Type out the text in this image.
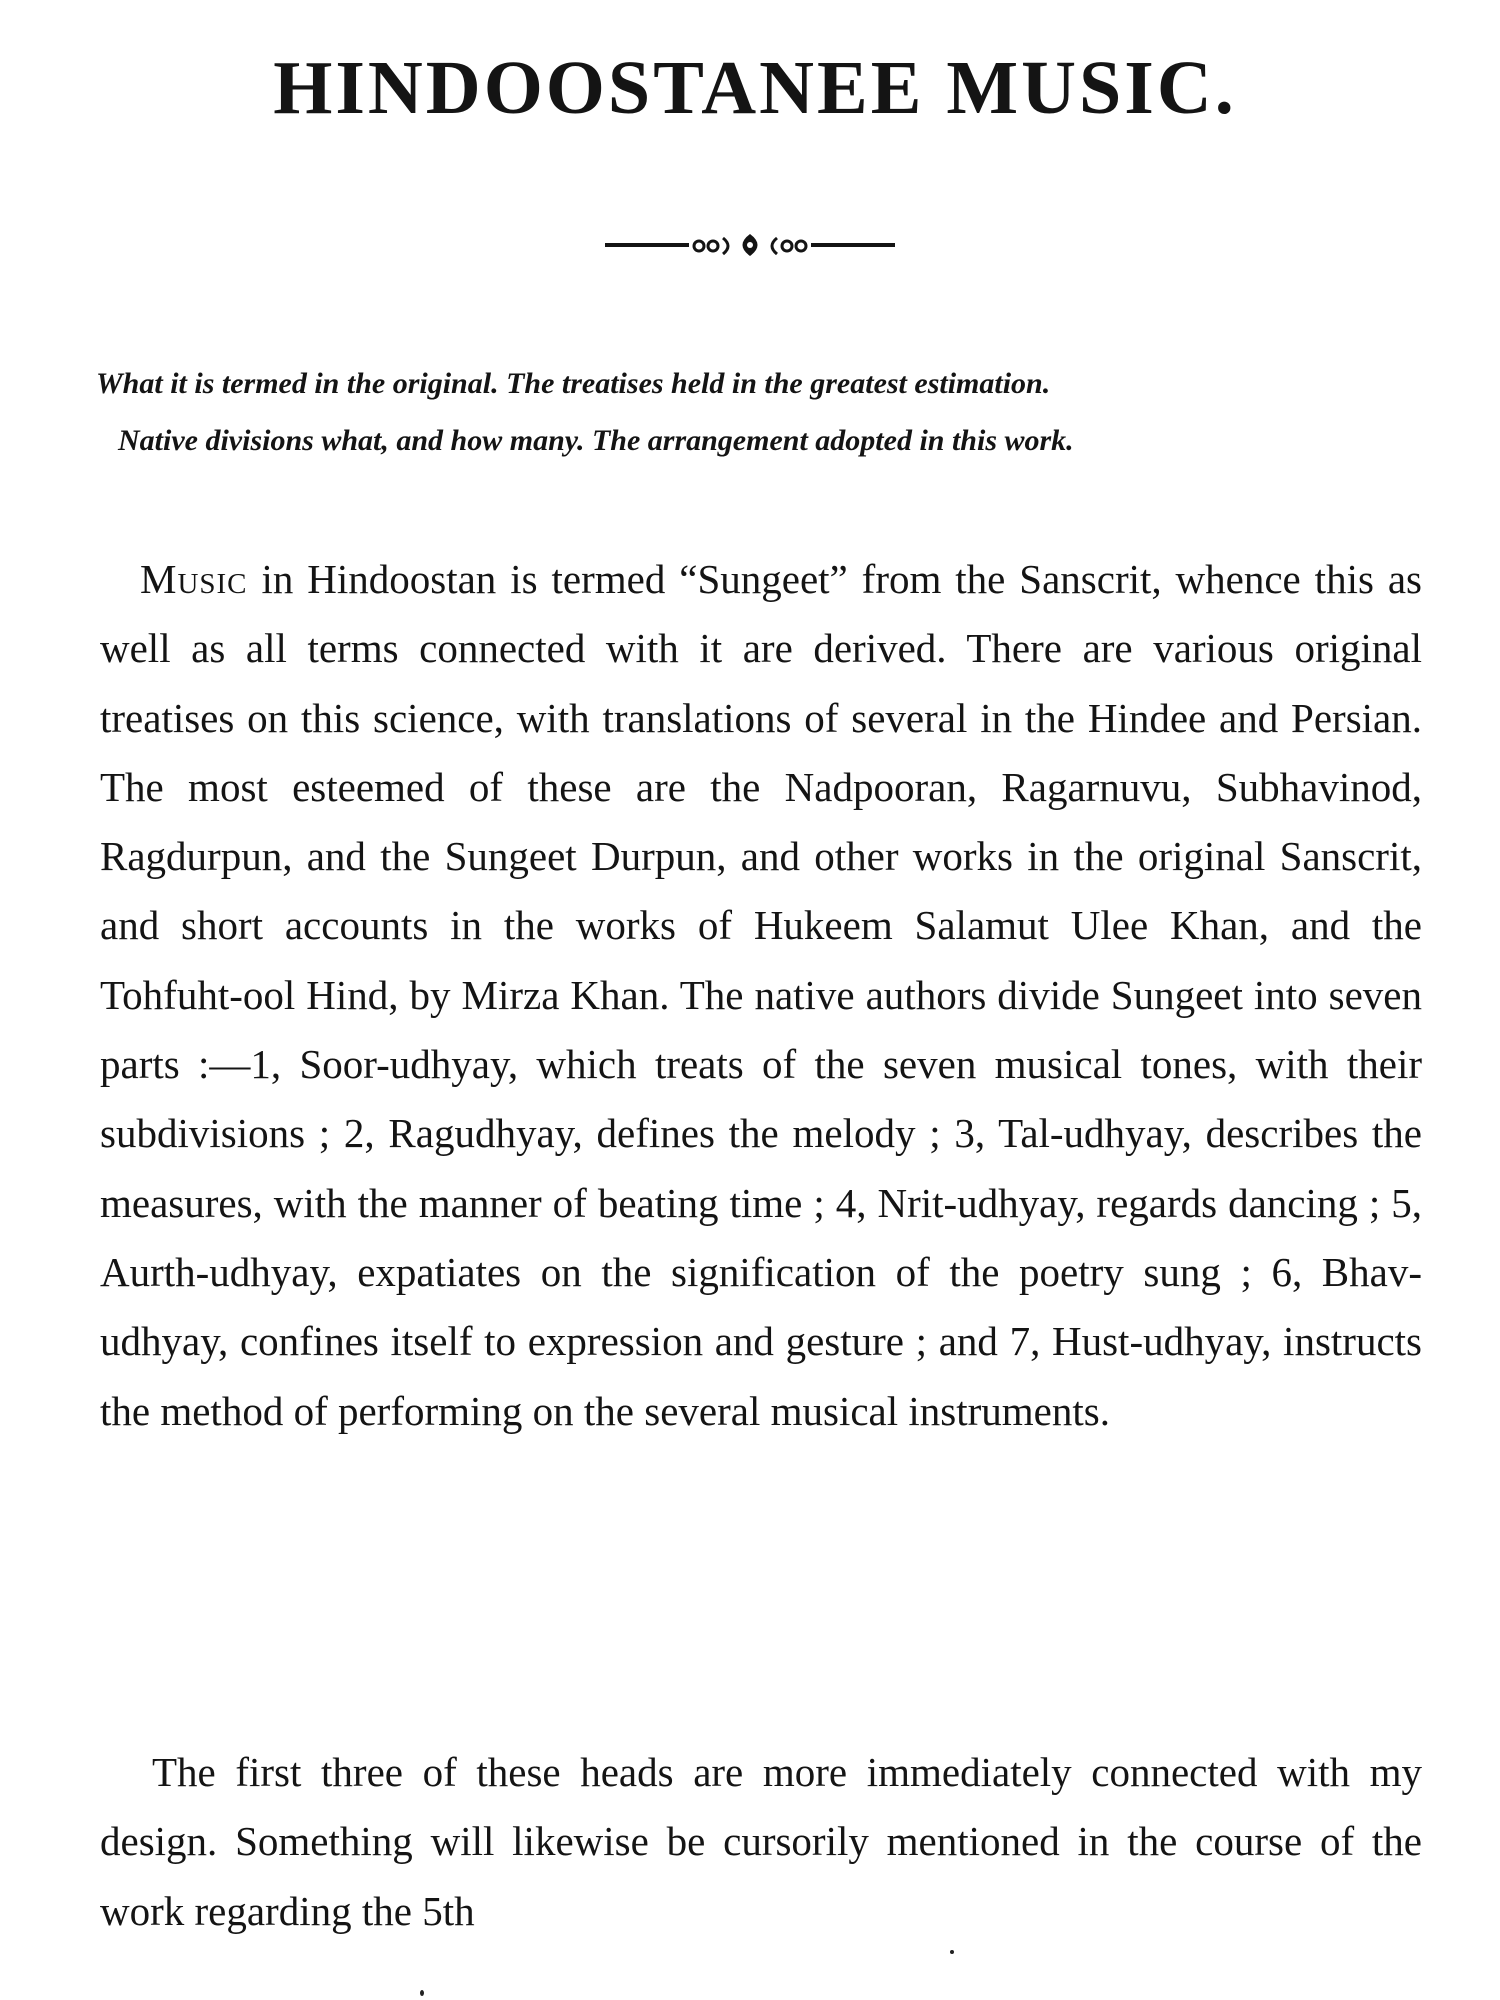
HINDOOSTANEE MUSIC.

What it is termed in the original. The treatises held in the greatest estimation.
Native divisions what, and how many. The arrangement adopted in this work.

Music in Hindoostan is termed “Sungeet” from the Sanscrit, whence this as well as all terms connected with it are derived. There are various original treatises on this science, with translations of several in the Hindee and Persian. The most esteemed of these are the Nadpooran, Ragarnuvu, Subhavinod, Ragdurpun, and the Sungeet Durpun, and other works in the original Sanscrit, and short accounts in the works of Hukeem Salamut Ulee Khan, and the Tohfuht-ool Hind, by Mirza Khan. The native authors divide Sungeet into seven parts :—1, Soor-udhyay, which treats of the seven musical tones, with their subdivisions ; 2, Ragudhyay, defines the melody ; 3, Tal-udhyay, describes the measures, with the manner of beating time ; 4, Nrit-udhyay, regards dancing ; 5, Aurth-udhyay, expatiates on the signification of the poetry sung ; 6, Bhav-udhyay, confines itself to expression and gesture ; and 7, Hust-udhyay, instructs the method of performing on the several musical instruments.

The first three of these heads are more immediately connected with my design. Something will likewise be cursorily mentioned in the course of the work regarding the 5th
